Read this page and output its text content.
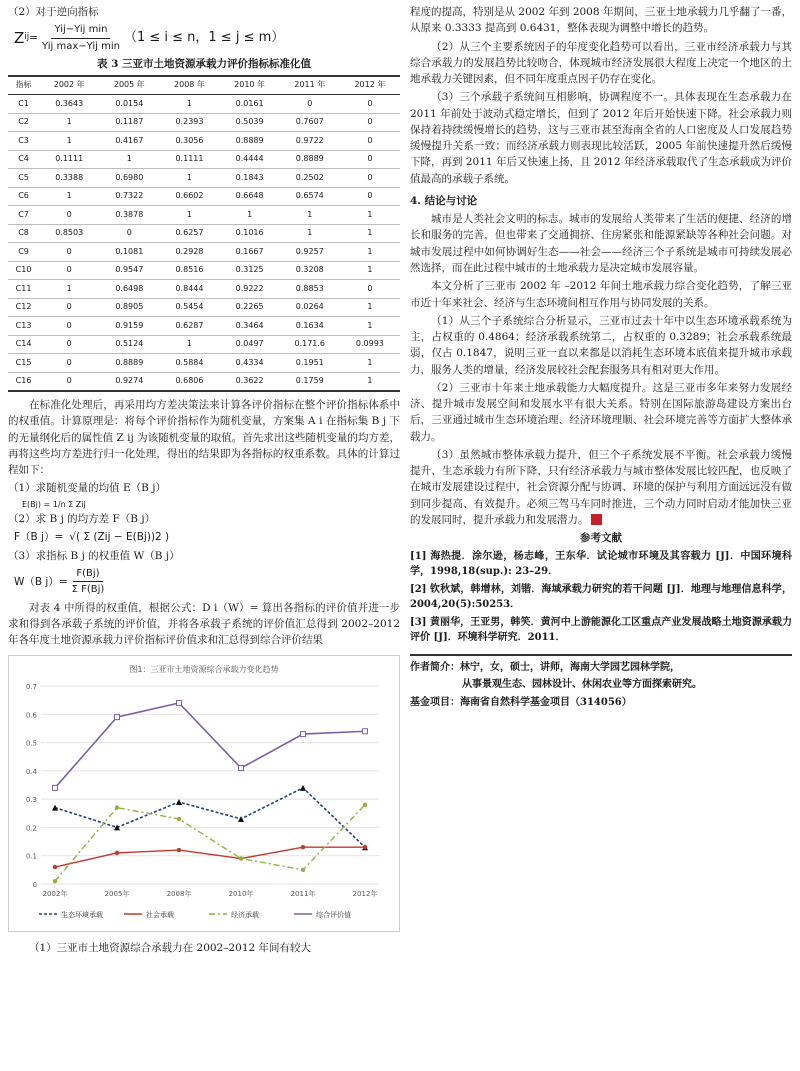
（2）对于逆向指标

Z ij = $\frac{\text{Yij−Yij min}}{\text{Yij max−Yij min}} (1 \le i \le n$，1 ≤ j ≤ m）
表 3 三亚市土地资源承载力评价指标标准化值
指标	2002 年	2005 年	2008 年	2010 年	2011 年	2012 年
C1	0.3643	0.0154	1	0.0161	0	0
C2	1	0.1187	0.2393	0.5039	0.7607	0
C3	1	0.4167	0.3056	0.8889	0.9722	0
C4	0.1111	1	0.1111	0.4444	0.8889	0
C5	0.3388	0.6980	1	0.1843	0.2502	0
C6	1	0.7322	0.6602	0.6648	0.6574	0
C7	0	0.3878	1	1	1	1
C8	0.8503	0	0.6257	0.1016	1	1
C9	0	0.1081	0.2928	0.1667	0.9257	1
C10	0	0.9547	0.8516	0.3125	0.3208	1
C11	1	0.6498	0.8444	0.9222	0.8853	0
C12	0	0.8905	0.5454	0.2265	0.0264	1
C13	0	0.9159	0.6287	0.3464	0.1634	1
C14	0	0.5124	1	0.0497	0.171.6	0.0993
C15	0	0.8889	0.5884	0.4334	0.1951	1
C16	0	0.9274	0.6806	0.3622	0.1759	1

在标准化处理后，再采用均方差决策法来计算各评价指标在整个评价指标体系中的权重值。计算原理是：将每个评价指标作为随机变量，方案集 A i 在指标集 B j 下的无量纲化后的属性值 Z ij 为该随机变量的取值。首先求出这些随机变量的均方差，再将这些均方差进行归一化处理，得出的结果即为各指标的权重系数。具体的计算过程如下：

（1）求随机变量的均值 E（B j）

E(Bj) = 1/n Σ Zij

（2）求 B j 的均方差 F（B j）

F（B j）= √( Σ (Zij − E(Bj))2 )

（3）求指标 B j 的权重值 W（B j）

W（B $j)= \frac{F(Bj)}{\text{Σ F(Bj)}}$

对表 4 中所得的权重值，根据公式：D i（W）= 算出各指标的评价值并进一步求和得到各承载子系统的评价值，并将各承载子系统的评价值汇总得到 2002–2012 年各年度土地资源承载力评价指标评价值求和汇总得到综合评价结果

图1：三亚市土地资源综合承载力变化趋势
0
0.1
0.2
0.3
0.4
0.5
0.6
0.7
2002年	2005年	2008年	2010年	2011年	2012年
生态环境承载	社会承载	经济承载	综合评价值

（1）三亚市土地资源综合承载力在 2002–2012 年间有较大

程度的提高，特别是从 2002 年到 2008 年期间，三亚土地承载力几乎翻了一番，从原来 0.3333 提高到 0.6431，整体表现为调整中增长的趋势。

（2）从三个主要系统因子的年度变化趋势可以看出，三亚市经济承载力与其综合承载力的发展趋势比较吻合，体现城市经济发展很大程度上决定一个地区的土地承载力关键因素，但不同年度重点因子仍存在变化。

（3）三个承载子系统间互相影响，协调程度不一。具体表现在生态承载力在 2011 年前处于波动式稳定增长，但到了 2012 年后开始快速下降。社会承载力则保持着持续缓慢增长的趋势，这与三亚市甚至海南全省的人口密度及人口发展趋势缓慢提升关系一致；而经济承载力则表现比较活跃，2005 年前快速提升然后缓慢下降，再到 2011 年后又快速上扬，且 2012 年经济承载取代了生态承载成为评价值最高的承载子系统。

4. 结论与讨论

城市是人类社会文明的标志。城市的发展给人类带来了生活的便捷、经济的增长和服务的完善，但也带来了交通拥挤、住房紧张和能源紧缺等各种社会问题。对城市发展过程中如何协调好生态——社会——经济三个子系统是城市可持续发展必然选择，而在此过程中城市的土地承载力是决定城市发展容量。

本文分析了三亚市 2002 年 –2012 年间土地承载力综合变化趋势，了解三亚市近十年来社会、经济与生态环境间相互作用与协同发展的关系。

（1）从三个子系统综合分析显示，三亚市过去十年中以生态环境承载系统为主，占权重的 0.4864；经济承载系统第二，占权重的 0.3289；社会承载系统最弱，仅占 0.1847，说明三亚一直以来都是以消耗生态环境本底值来提升城市承载力，服务人类的增量，经济发展较社会配套服务具有相对更大作用。

（2）三亚市十年来土地承载能力大幅度提升。这是三亚市多年来努力发展经济、提升城市发展空间和发展水平有很大关系。特别在国际旅游岛建设方案出台后，三亚通过城市生态环境治理、经济环境理顺、社会环境完善等方面扩大整体承载力。

（3）虽然城市整体承载力提升，但三个子系统发展不平衡。社会承载力缓慢提升、生态承载力有所下降，只有经济承载力与城市整体发展比较匹配，也反映了在城市发展建设过程中，社会资源分配与协调、环境的保护与利用方面远远没有做到同步提高、有效提升。必须三驾马车同时推进，三个动力同时启动才能加快三亚的发展同时，提升承载力和发展潜力。

参考文献

[1] 海热提．涂尔逊，杨志峰，王东华．试论城市环境及其容载力 [J]．中国环境科学，1998,18(sup.): 23–29．

[2] 钦秋斌，韩增林，刘锴．海域承载力研究的若干问题 [J]．地理与地理信息科学，2004,20(5):50253．

[3] 黄丽华，王亚男，韩笑．黄河中上游能源化工区重点产业发展战略土地资源承载力评价 [J]．环境科学研究．2011．

作者简介：林宁，女，硕士，讲师，海南大学园艺园林学院，

从事景观生态、园林设计、休闲农业等方面探索研究。

基金项目：海南省自然科学基金项目（314056）
